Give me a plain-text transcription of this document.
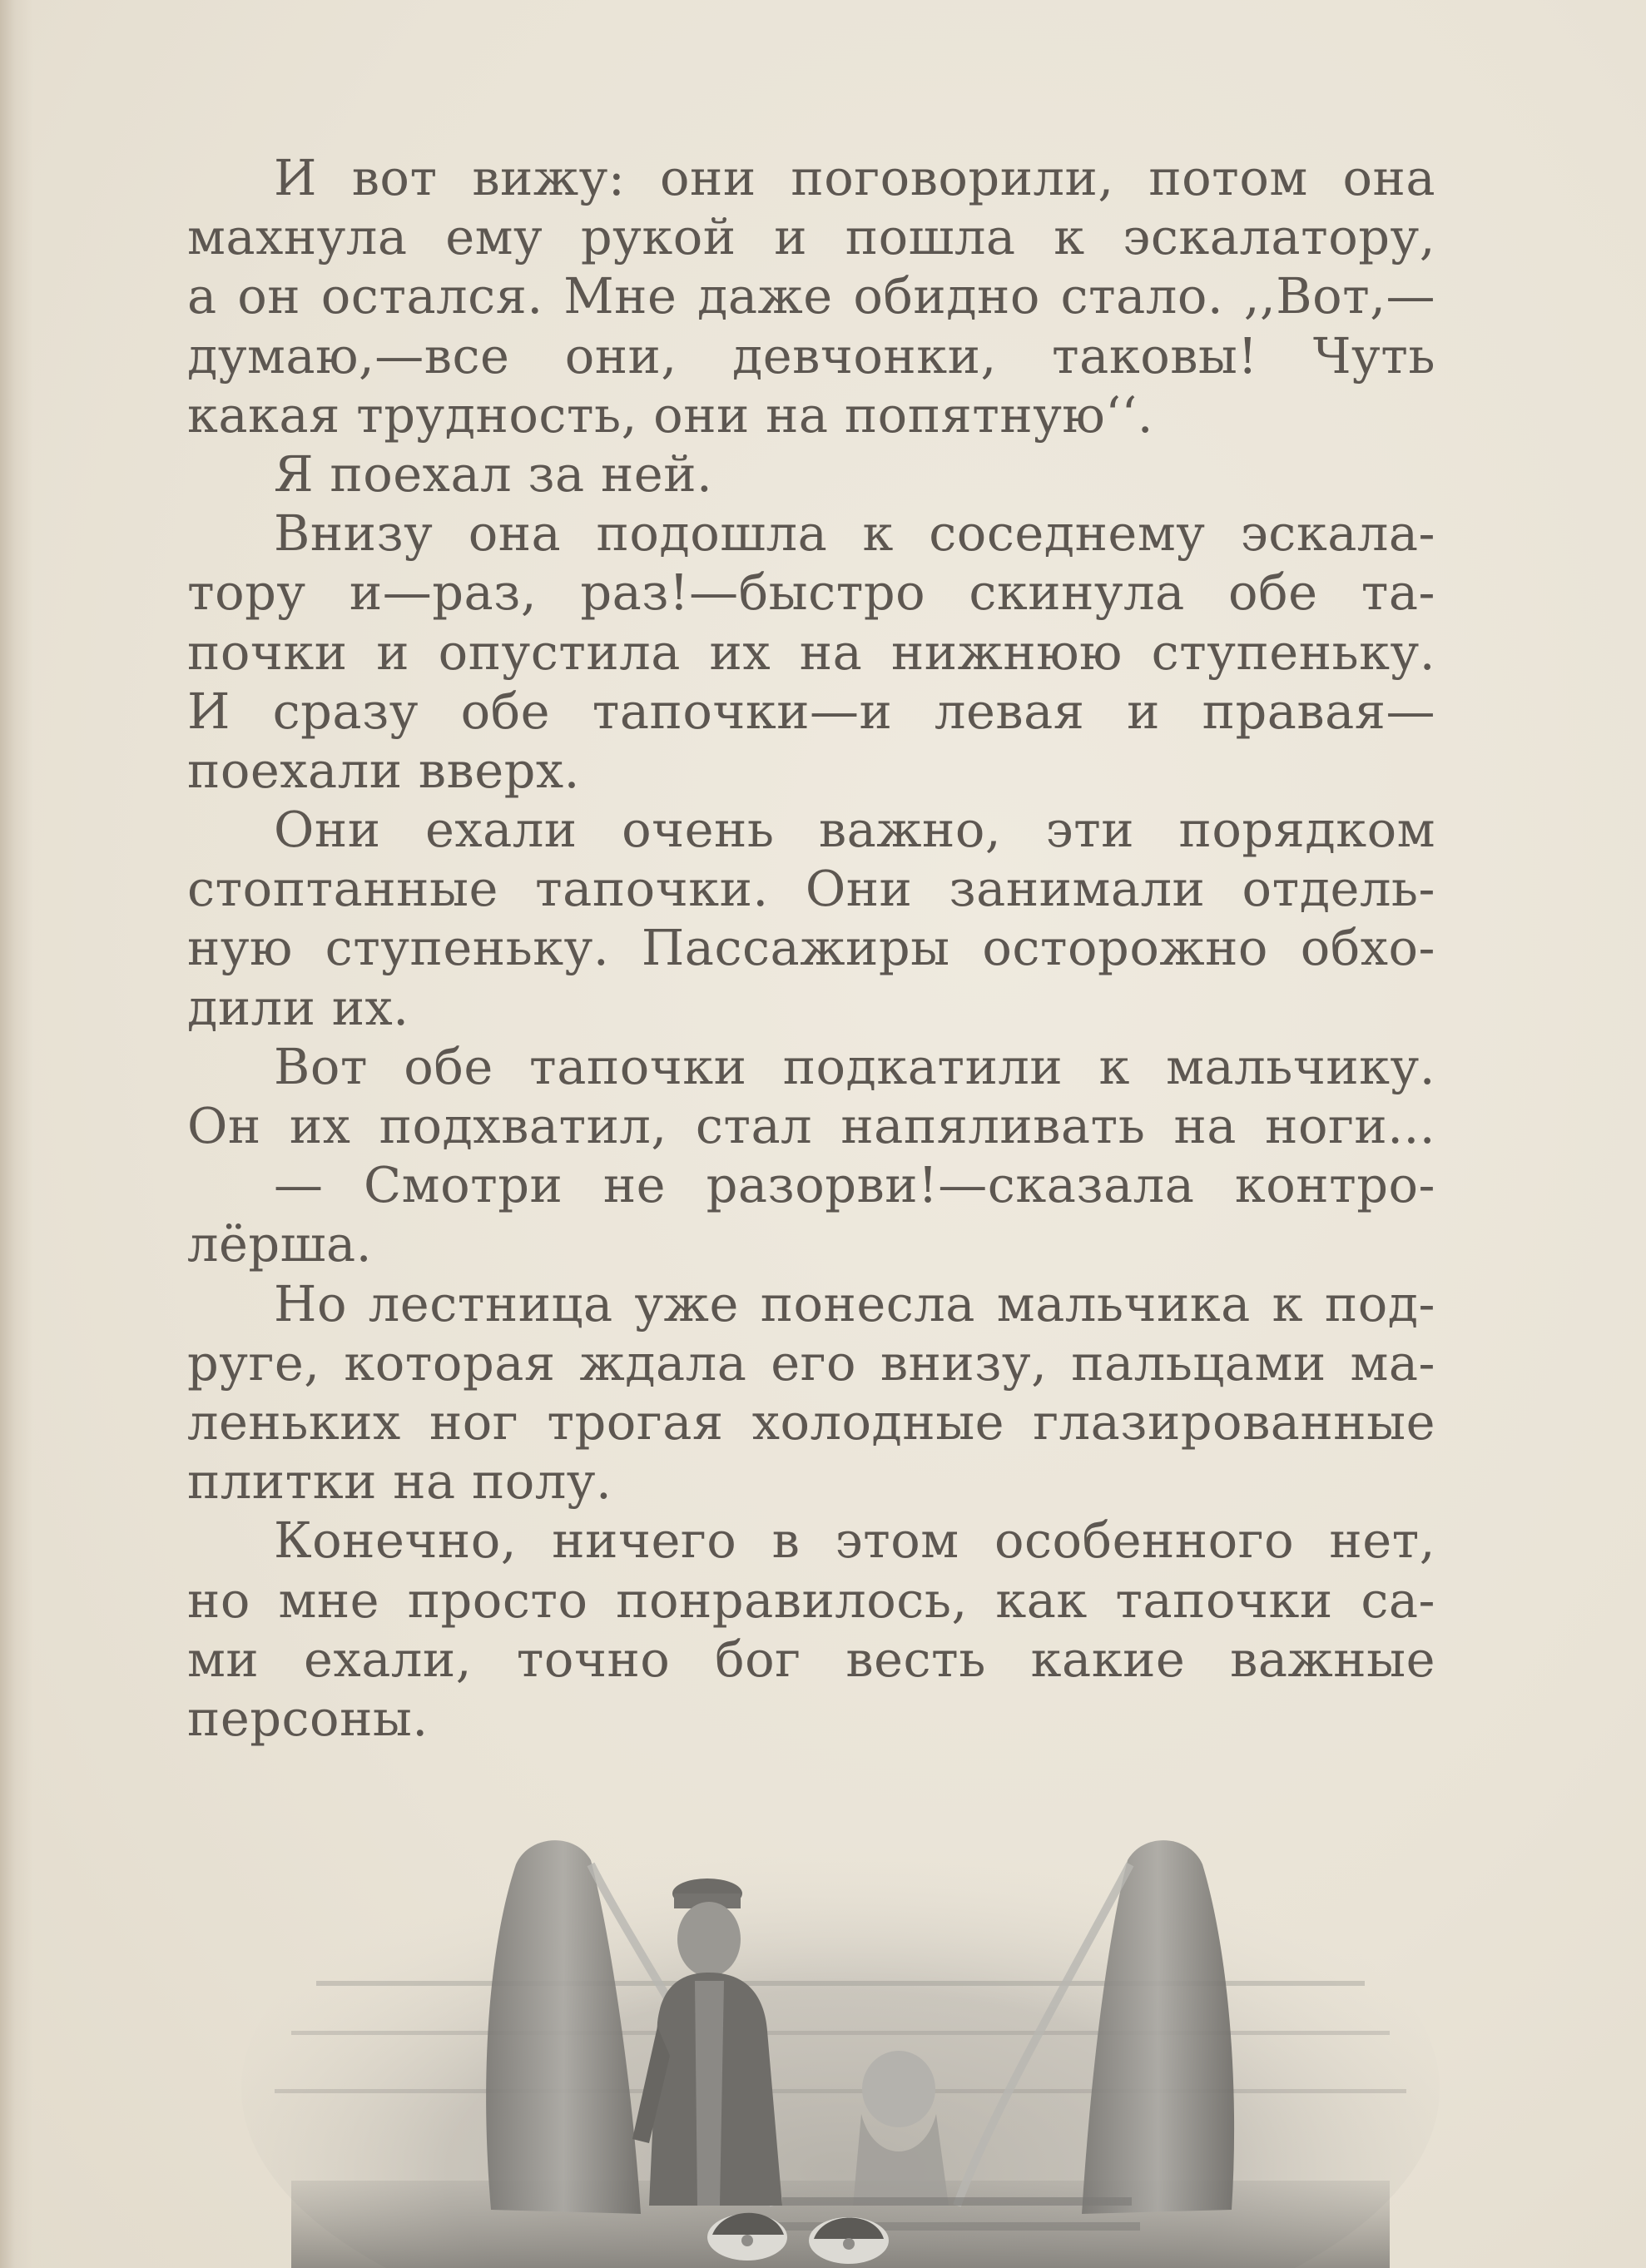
И вот вижу: они поговорили, потом она
махнула ему рукой и пошла к эскалатору,
а он остался. Мне даже обидно стало. ,,Вот,—
думаю,—все они, девчонки, таковы! Чуть
какая трудность, они на попятную‘‘.
Я поехал за ней.
Внизу она подошла к соседнему эскала-
тору и—раз, раз!—быстро скинула обе та-
почки и опустила их на нижнюю ступеньку.
И сразу обе тапочки—и левая и правая—
поехали вверх.
Они ехали очень важно, эти порядком
стоптанные тапочки. Они занимали отдель-
ную ступеньку. Пассажиры осторожно обхо-
дили их.
Вот обе тапочки подкатили к мальчику.
Он их подхватил, стал напяливать на ноги...
— Смотри не разорви!—сказала контро-
лёрша.
Но лестница уже понесла мальчика к под-
руге, которая ждала его внизу, пальцами ма-
леньких ног трогая холодные глазированные
плитки на полу.
Конечно, ничего в этом особенного нет,
но мне просто понравилось, как тапочки са-
ми ехали, точно бог весть какие важные
персоны.
